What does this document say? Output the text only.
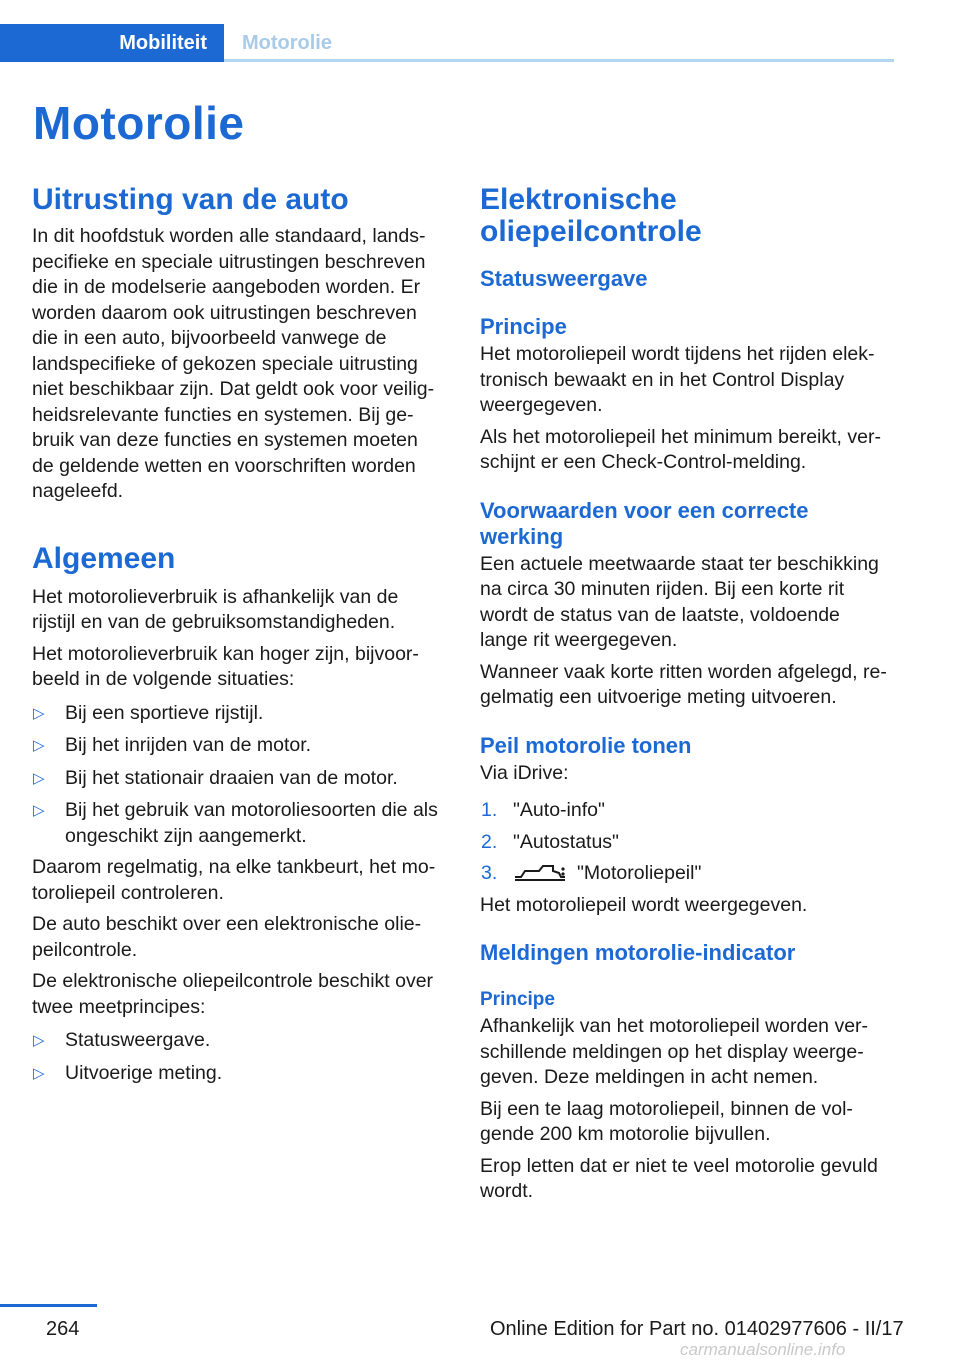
Mobiliteit	Motorolie
Motorolie
Uitrusting van de auto
In dit hoofdstuk worden alle standaard, lands-
pecifieke en speciale uitrustingen beschreven
die in de modelserie aangeboden worden. Er
worden daarom ook uitrustingen beschreven
die in een auto, bijvoorbeeld vanwege de
landspecifieke of gekozen speciale uitrusting
niet beschikbaar zijn. Dat geldt ook voor veilig-
heidsrelevante functies en systemen. Bij ge-
bruik van deze functies en systemen moeten
de geldende wetten en voorschriften worden
nageleefd.
Algemeen
Het motorolieverbruik is afhankelijk van de
rijstijl en van de gebruiksomstandigheden.
Het motorolieverbruik kan hoger zijn, bijvoor-
beeld in de volgende situaties:
▷ Bij een sportieve rijstijl.
▷ Bij het inrijden van de motor.
▷ Bij het stationair draaien van de motor.
▷ Bij het gebruik van motoroliesoorten die als
ongeschikt zijn aangemerkt.
Daarom regelmatig, na elke tankbeurt, het mo-
toroliepeil controleren.
De auto beschikt over een elektronische olie-
peilcontrole.
De elektronische oliepeilcontrole beschikt over
twee meetprincipes:
▷ Statusweergave.
▷ Uitvoerige meting.
Elektronische
oliepeilcontrole
Statusweergave
Principe
Het motoroliepeil wordt tijdens het rijden elek-
tronisch bewaakt en in het Control Display
weergegeven.
Als het motoroliepeil het minimum bereikt, ver-
schijnt er een Check-Control-melding.
Voorwaarden voor een correcte
werking
Een actuele meetwaarde staat ter beschikking
na circa 30 minuten rijden. Bij een korte rit
wordt de status van de laatste, voldoende
lange rit weergegeven.
Wanneer vaak korte ritten worden afgelegd, re-
gelmatig een uitvoerige meting uitvoeren.
Peil motorolie tonen
Via iDrive:
1. "Auto-info"
2. "Autostatus"
3.	"Motoroliepeil"
Het motoroliepeil wordt weergegeven.
Meldingen motorolie-indicator
Principe
Afhankelijk van het motoroliepeil worden ver-
schillende meldingen op het display weerge-
geven. Deze meldingen in acht nemen.
Bij een te laag motoroliepeil, binnen de vol-
gende 200 km motorolie bijvullen.
Erop letten dat er niet te veel motorolie gevuld
wordt.
264	Online Edition for Part no. 01402977606 - II/17
carmanualsonline.info
